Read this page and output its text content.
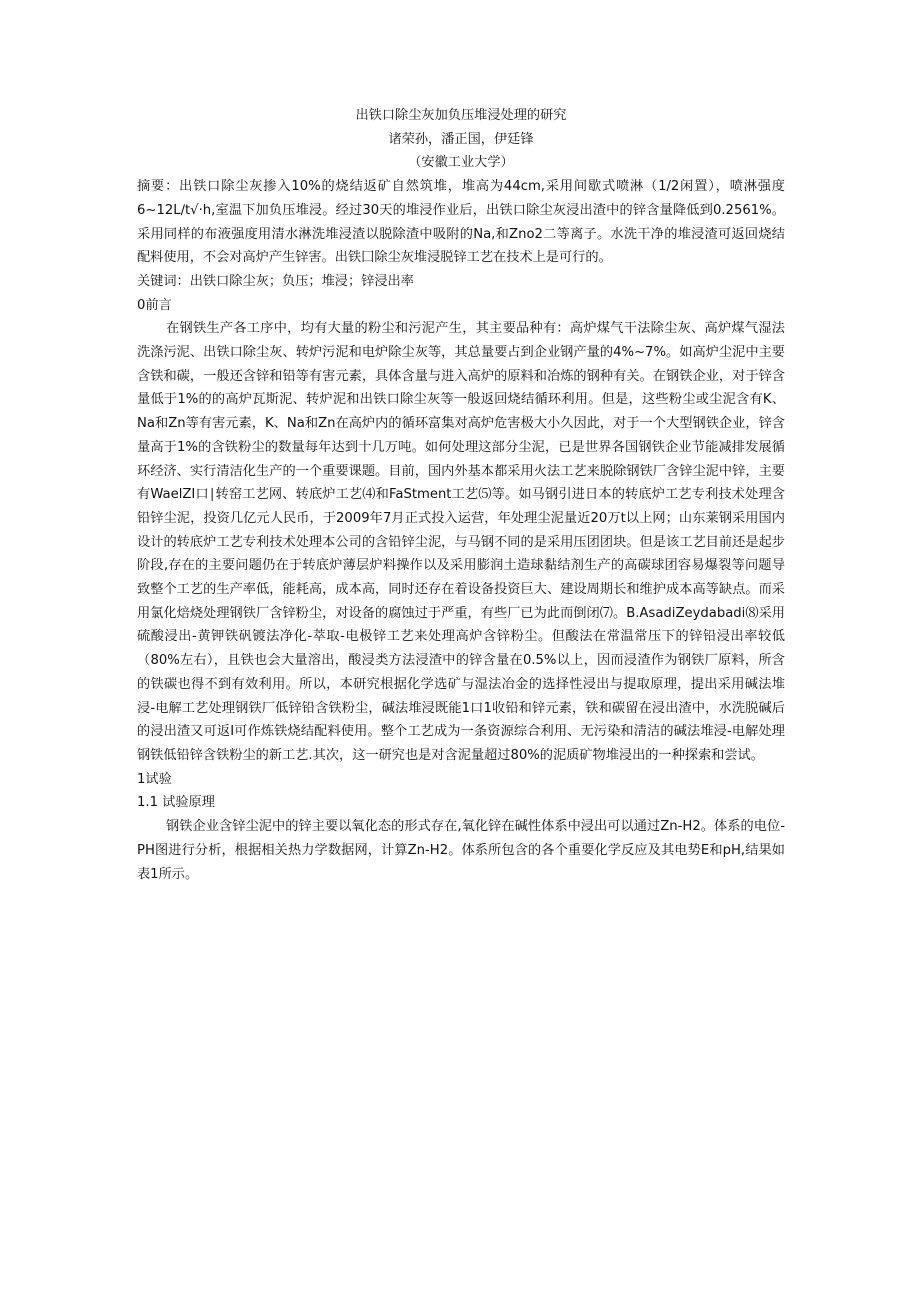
出铁口除尘灰加负压堆浸处理的研究
诸荣孙，潘正国，伊廷锋
（安徽工业大学）

摘要：出铁口除尘灰掺入10%的烧结返矿自然筑堆，堆高为44cm,采用间歇式喷淋（1/2闲置），喷淋强度6~12L∕t√·h,室温下加负压堆浸。经过30天的堆浸作业后，出铁口除尘灰浸出渣中的锌含量降低到0.2561%。采用同样的布液强度用清水淋洗堆浸渣以脱除渣中吸附的Na,和Zno2二等离子。水洗干净的堆浸渣可返回烧结配料使用，不会对高炉产生锌害。出铁囗除尘灰堆浸脱锌工艺在技术上是可行的。

关键词：出铁口除尘灰；负压；堆浸；锌浸出率

0前言

在钢铁生产各工序中，均有大量的粉尘和污泥产生，其主要品种有：高炉煤气干法除尘灰、高炉煤气湿法洗涤污泥、出铁口除尘灰、转炉污泥和电炉除尘灰等，其总量要占到企业钢产量的4%~7%。如高炉尘泥中主要含铁和碳，一般还含锌和铅等有害元素，具体含量与进入高炉的原料和冶炼的钢种有关。在钢铁企业，对于锌含量低于1%的的高炉瓦斯泥、转炉泥和出铁口除尘灰等一般返回烧结循环利用。但是，这些粉尘或尘泥含有K、Na和Zn等有害元素，K、Na和Zn在高炉内的循环富集对高炉危害极大小久因此，对于一个大型钢铁企业，锌含量高于1%的含铁粉尘的数量每年达到十几万吨。如何处理这部分尘泥，已是世界各国钢铁企业节能减排发展循环经济、实行清洁化生产的一个重要课题。目前，国内外基本都采用火法工艺来脱除钢铁厂含锌尘泥中锌，主要有WaelZI口∣转窑工艺网、转底炉工艺⑷和FaStment工艺⑸等。如马钢引进日本的转底炉工艺专利技术处理含铅锌尘泥，投资几亿元人民币，于2009年7月正式投入运营，年处理尘泥量近20万t以上网；山东莱钢采用国内设计的转底炉工艺专利技术处理本公司的含铅锌尘泥，与马钢不同的是采用压团团块。但是该工艺目前还是起步阶段,存在的主要问题仍在于转底炉薄层炉料操作以及采用膨润土造球黏结剂生产的高碳球团容易爆裂等问题导致整个工艺的生产率低，能耗高，成本高，同时还存在着设备投资巨大、建设周期长和维护成本高等缺点。而采用氯化焙烧处理钢铁厂含锌粉尘，对设备的腐蚀过于严重，有些厂已为此而倒闭⑺。B.AsadiZeydabadi⑻采用硫酸浸出-黄钾铁矾镀法净化-萃取-电极锌工艺来处理高炉含锌粉尘。但酸法在常温常压下的锌铅浸出率较低（80%左右），且铁也会大量溶出，酸浸类方法浸渣中的锌含量在0.5%以上，因而浸渣作为钢铁厂原料，所含的铁碳也得不到有效利用。所以，本研究根据化学选矿与湿法冶金的选择性浸出与提取原理，提出采用碱法堆浸-电解工艺处理钢铁厂低锌铅含铁粉尘，碱法堆浸既能1口1收铅和锌元素，铁和碳留在浸出渣中，水洗脱碱后的浸出渣又可返I可作炼铁烧结配料使用。整个工艺成为一条资源综合利用、无污染和清洁的碱法堆浸-电解处理钢铁低铅锌含铁粉尘的新工艺.其次，这一研究也是对含泥量超过80%的泥质矿物堆浸出的一种探索和尝试。

1试验

1.1 试验原理

钢铁企业含锌尘泥中的锌主要以氧化态的形式存在,氧化锌在碱性体系中浸出可以通过Zn-H2。体系的电位-PH图进行分析，根据相关热力学数据网，计算Zn-H2。体系所包含的各个重要化学反应及其电势E和pH,结果如表1所示。
